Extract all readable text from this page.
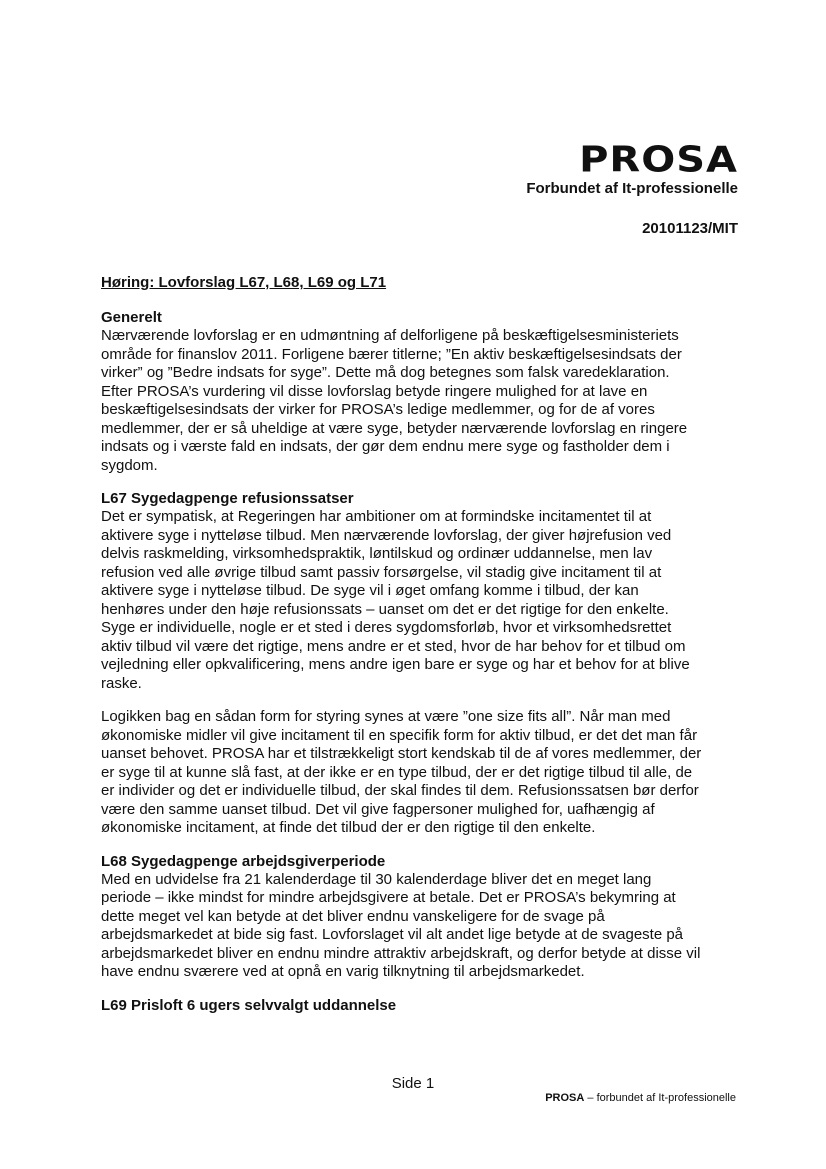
PROSA
Forbundet af It-professionelle
20101123/MIT
Høring: Lovforslag L67, L68, L69 og L71
Generelt

Nærværende lovforslag er en udmøntning af delforligene på beskæftigelsesministeriets
område for finanslov 2011. Forligene bærer titlerne; ”En aktiv beskæftigelsesindsats der
virker” og ”Bedre indsats for syge”. Dette må dog betegnes som falsk varedeklaration.
Efter PROSA’s vurdering vil disse lovforslag betyde ringere mulighed for at lave en
beskæftigelsesindsats der virker for PROSA’s ledige medlemmer, og for de af vores
medlemmer, der er så uheldige at være syge, betyder nærværende lovforslag en ringere
indsats og i værste fald en indsats, der gør dem endnu mere syge og fastholder dem i
sygdom.

L67 Sygedagpenge refusionssatser

Det er sympatisk, at Regeringen har ambitioner om at formindske incitamentet til at
aktivere syge i nytteløse tilbud. Men nærværende lovforslag, der giver højrefusion ved
delvis raskmelding, virksomhedspraktik, løntilskud og ordinær uddannelse, men lav
refusion ved alle øvrige tilbud samt passiv forsørgelse, vil stadig give incitament til at
aktivere syge i nytteløse tilbud. De syge vil i øget omfang komme i tilbud, der kan
henhøres under den høje refusionssats – uanset om det er det rigtige for den enkelte.
Syge er individuelle, nogle er et sted i deres sygdomsforløb, hvor et virksomhedsrettet
aktiv tilbud vil være det rigtige, mens andre er et sted, hvor de har behov for et tilbud om
vejledning eller opkvalificering, mens andre igen bare er syge og har et behov for at blive
raske.

Logikken bag en sådan form for styring synes at være ”one size fits all”. Når man med
økonomiske midler vil give incitament til en specifik form for aktiv tilbud, er det det man får
uanset behovet. PROSA har et tilstrækkeligt stort kendskab til de af vores medlemmer, der
er syge til at kunne slå fast, at der ikke er en type tilbud, der er det rigtige tilbud til alle, de
er individer og det er individuelle tilbud, der skal findes til dem. Refusionssatsen bør derfor
være den samme uanset tilbud. Det vil give fagpersoner mulighed for, uafhængig af
økonomiske incitament, at finde det tilbud der er den rigtige til den enkelte.

L68 Sygedagpenge arbejdsgiverperiode

Med en udvidelse fra 21 kalenderdage til 30 kalenderdage bliver det en meget lang
periode – ikke mindst for mindre arbejdsgivere at betale. Det er PROSA’s bekymring at
dette meget vel kan betyde at det bliver endnu vanskeligere for de svage på
arbejdsmarkedet at bide sig fast. Lovforslaget vil alt andet lige betyde at de svageste på
arbejdsmarkedet bliver en endnu mindre attraktiv arbejdskraft, og derfor betyde at disse vil
have endnu sværere ved at opnå en varig tilknytning til arbejdsmarkedet.

L69 Prisloft 6 ugers selvvalgt uddannelse
Side 1
PROSA – forbundet af It-professionelle
